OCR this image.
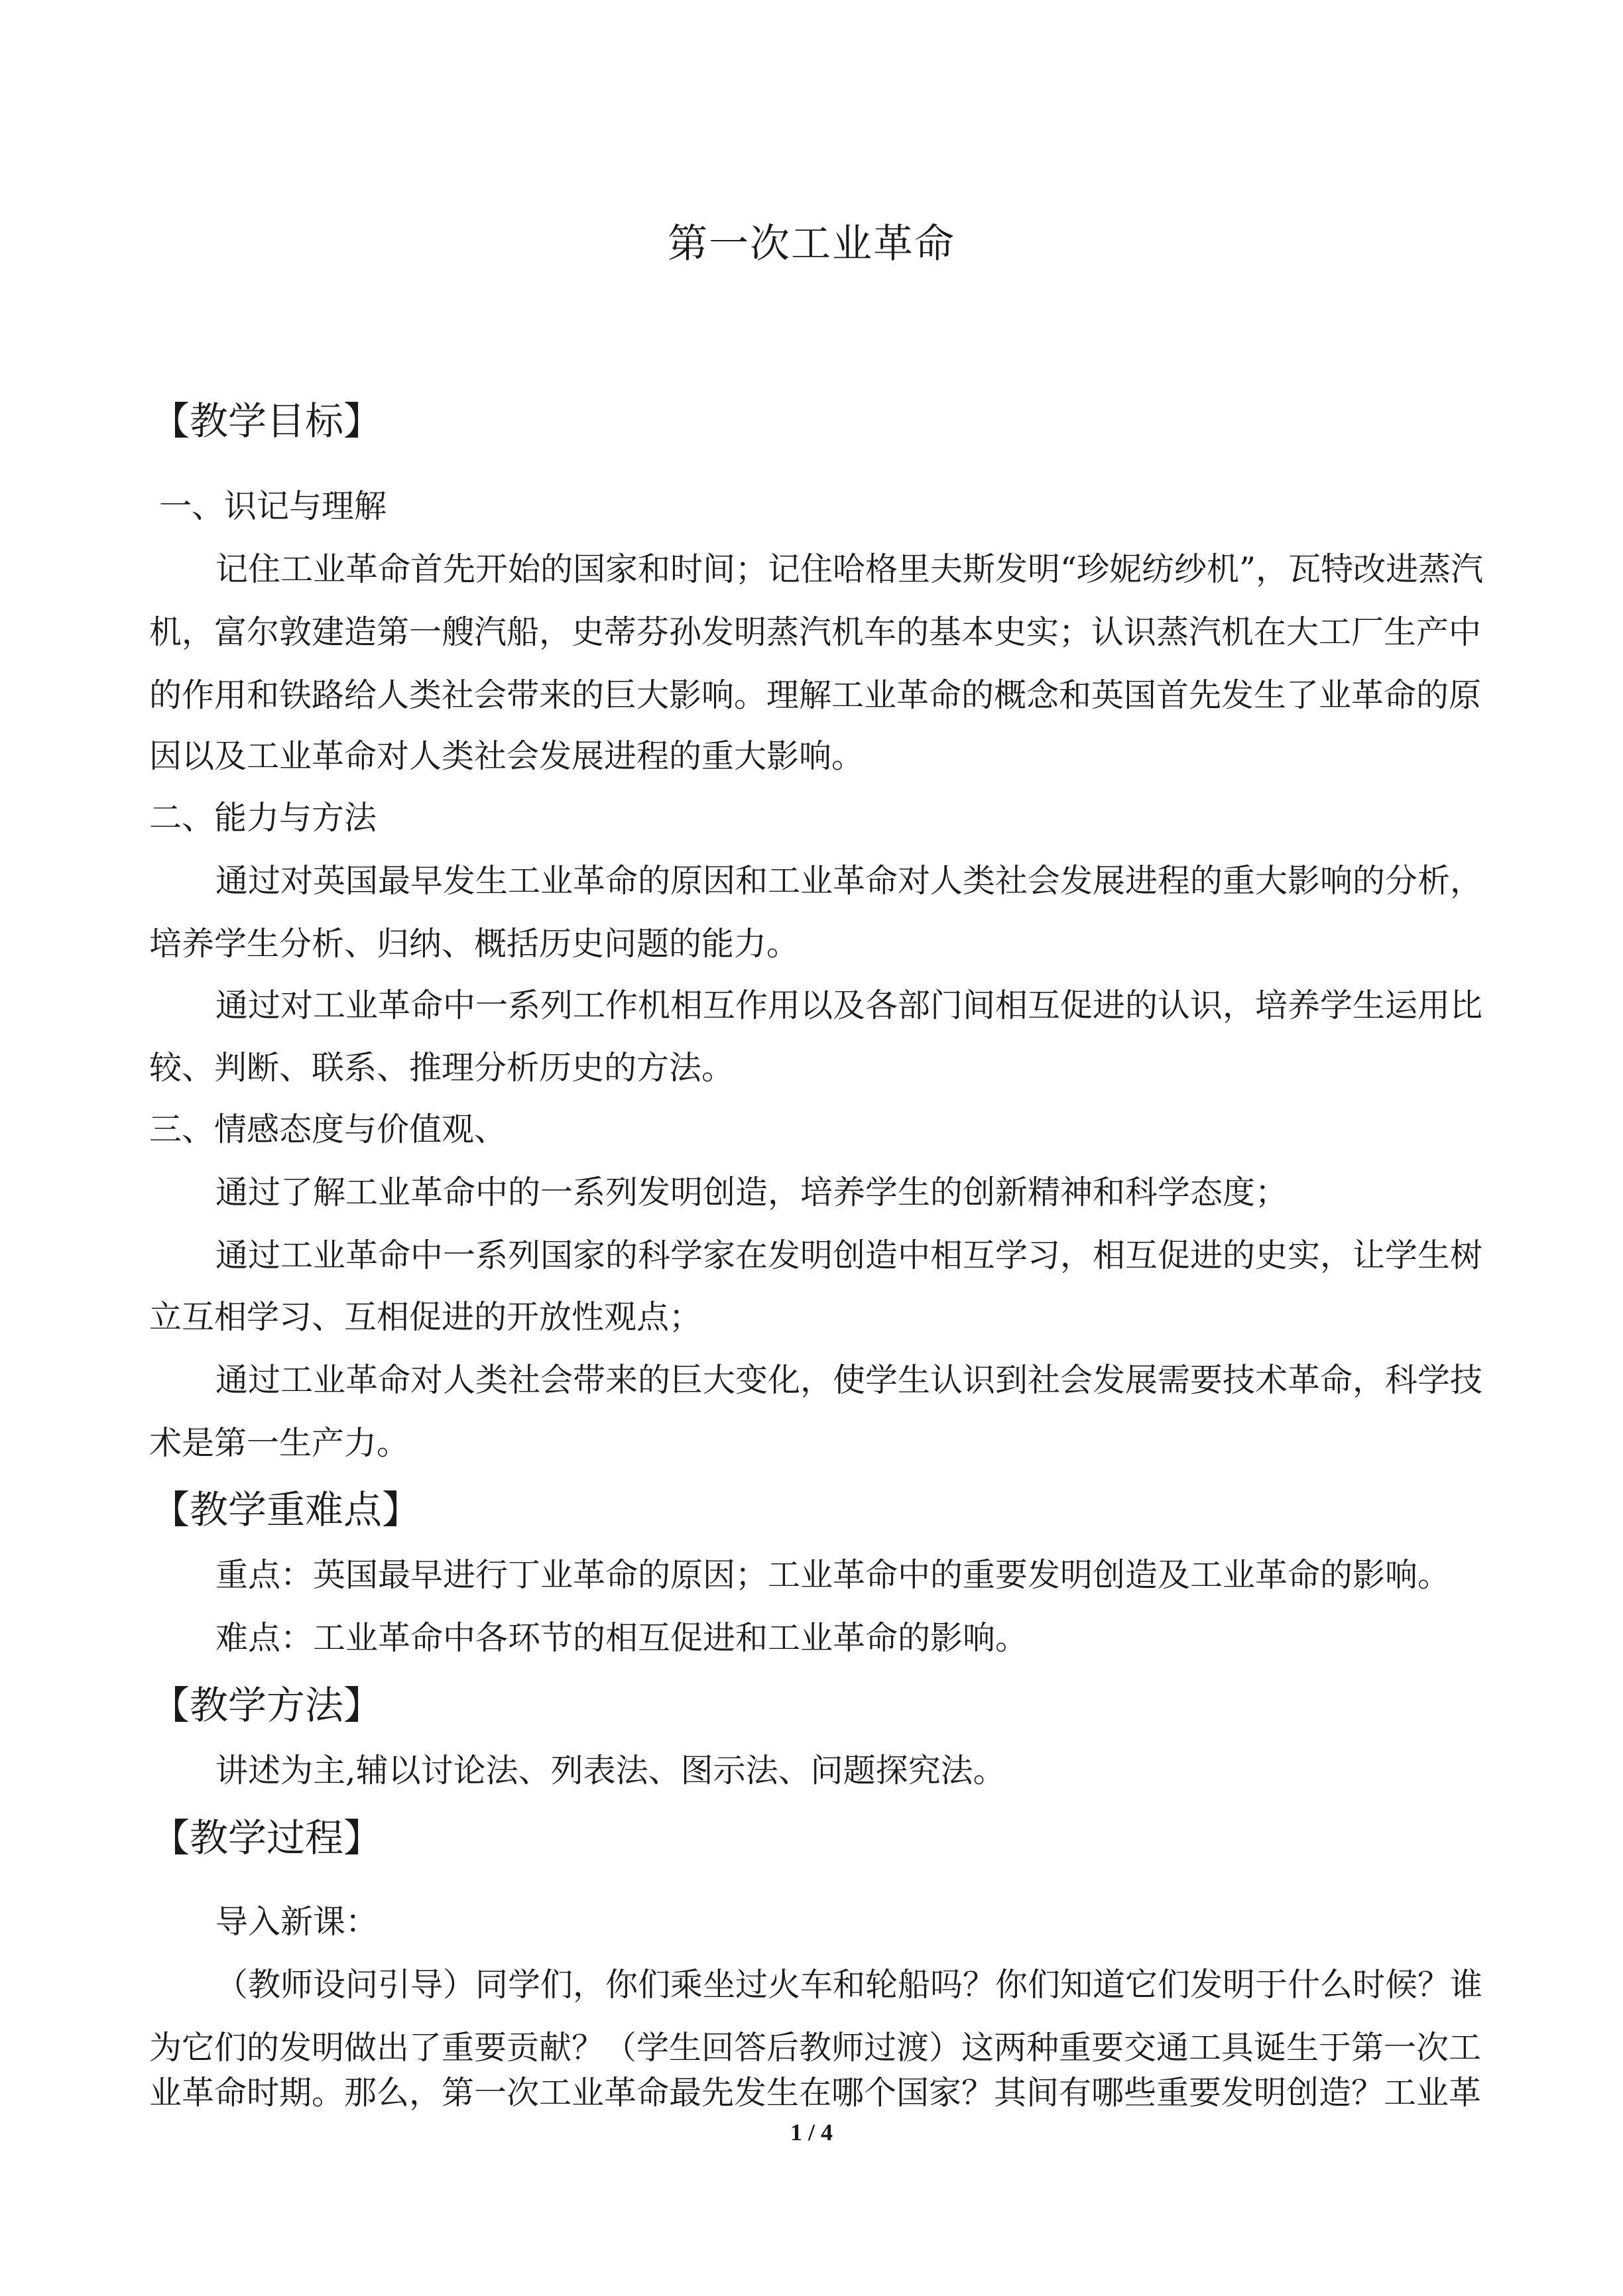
第一次工业革命
【教学目标】
一、识记与理解
记住工业革命首先开始的国家和时间；记住哈格里夫斯发明“珍妮纺纱机”，瓦特改进蒸汽
机，富尔敦建造第一艘汽船，史蒂芬孙发明蒸汽机车的基本史实；认识蒸汽机在大工厂生产中
的作用和铁路给人类社会带来的巨大影响。理解工业革命的概念和英国首先发生了业革命的原
因以及工业革命对人类社会发展进程的重大影响。
二、能力与方法
通过对英国最早发生工业革命的原因和工业革命对人类社会发展进程的重大影响的分析，
培养学生分析、归纳、概括历史问题的能力。
通过对工业革命中一系列工作机相互作用以及各部门间相互促进的认识，培养学生运用比
较、判断、联系、推理分析历史的方法。
三、情感态度与价值观、
通过了解工业革命中的一系列发明创造，培养学生的创新精神和科学态度；
通过工业革命中一系列国家的科学家在发明创造中相互学习，相互促进的史实，让学生树
立互相学习、互相促进的开放性观点；
通过工业革命对人类社会带来的巨大变化，使学生认识到社会发展需要技术革命，科学技
术是第一生产力。
【教学重难点】
重点：英国最早进行丁业革命的原因；工业革命中的重要发明创造及工业革命的影响。
难点：工业革命中各环节的相互促进和工业革命的影响。
【教学方法】
讲述为主,辅以讨论法、列表法、图示法、问题探究法。
【教学过程】
导入新课：
（教师设问引导）同学们，你们乘坐过火车和轮船吗？你们知道它们发明于什么时候？谁
为它们的发明做出了重要贡献？（学生回答后教师过渡）这两种重要交通工具诞生于第一次工
业革命时期。那么，第一次工业革命最先发生在哪个国家？其间有哪些重要发明创造？工业革
1 / 4
